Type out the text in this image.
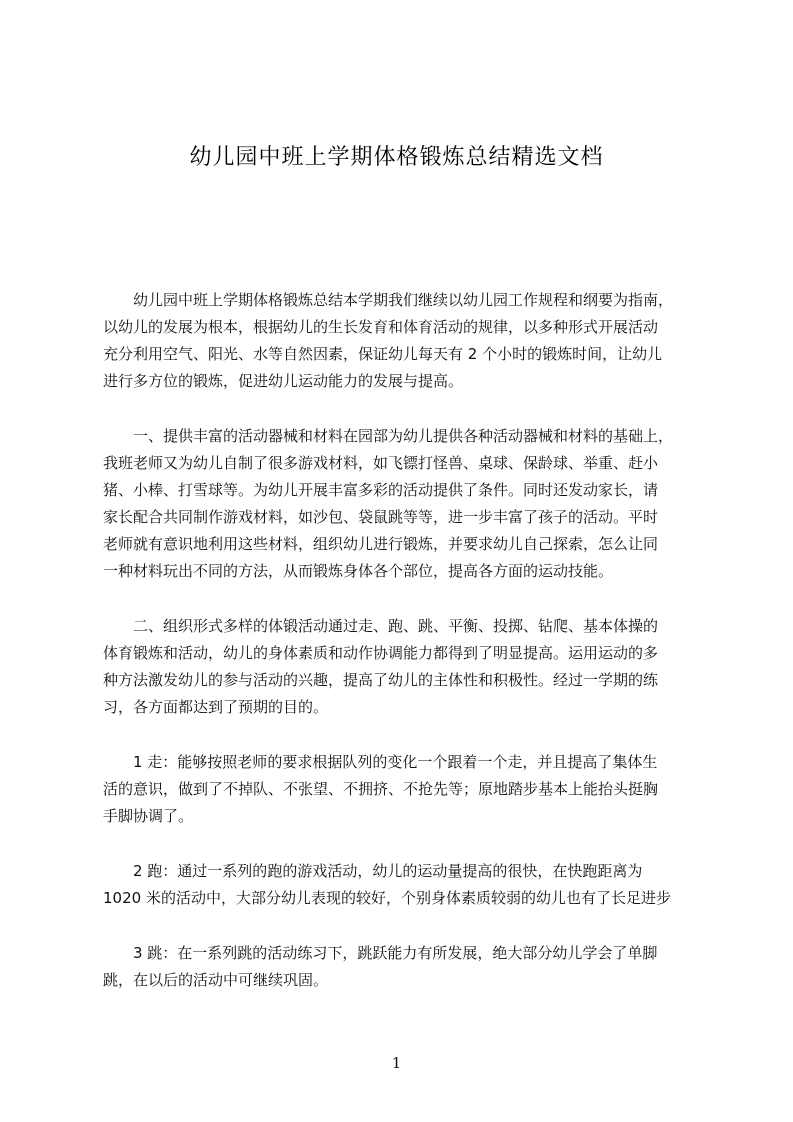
幼儿园中班上学期体格锻炼总结精选文档
　　幼儿园中班上学期体格锻炼总结本学期我们继续以幼儿园工作规程和纲要为指南，
以幼儿的发展为根本，根据幼儿的生长发育和体育活动的规律，以多种形式开展活动
充分利用空气、阳光、水等自然因素，保证幼儿每天有 2 个小时的锻炼时间，让幼儿
进行多方位的锻炼，促进幼儿运动能力的发展与提高。
　　一、提供丰富的活动器械和材料在园部为幼儿提供各种活动器械和材料的基础上，
我班老师又为幼儿自制了很多游戏材料，如飞镖打怪兽、桌球、保龄球、举重、赶小
猪、小棒、打雪球等。为幼儿开展丰富多彩的活动提供了条件。同时还发动家长，请
家长配合共同制作游戏材料，如沙包、袋鼠跳等等，进一步丰富了孩子的活动。平时
老师就有意识地利用这些材料，组织幼儿进行锻炼，并要求幼儿自己探索，怎么让同
一种材料玩出不同的方法，从而锻炼身体各个部位，提高各方面的运动技能。
　　二、组织形式多样的体锻活动通过走、跑、跳、平衡、投掷、钻爬、基本体操的
体育锻炼和活动，幼儿的身体素质和动作协调能力都得到了明显提高。运用运动的多
种方法激发幼儿的参与活动的兴趣，提高了幼儿的主体性和积极性。经过一学期的练
习，各方面都达到了预期的目的。
　　1 走：能够按照老师的要求根据队列的变化一个跟着一个走，并且提高了集体生
活的意识，做到了不掉队、不张望、不拥挤、不抢先等；原地踏步基本上能抬头挺胸
手脚协调了。
　　2 跑：通过一系列的跑的游戏活动，幼儿的运动量提高的很快，在快跑距离为
1020 米的活动中，大部分幼儿表现的较好，个别身体素质较弱的幼儿也有了长足进步
　　3 跳：在一系列跳的活动练习下，跳跃能力有所发展，绝大部分幼儿学会了单脚
跳，在以后的活动中可继续巩固。
1
